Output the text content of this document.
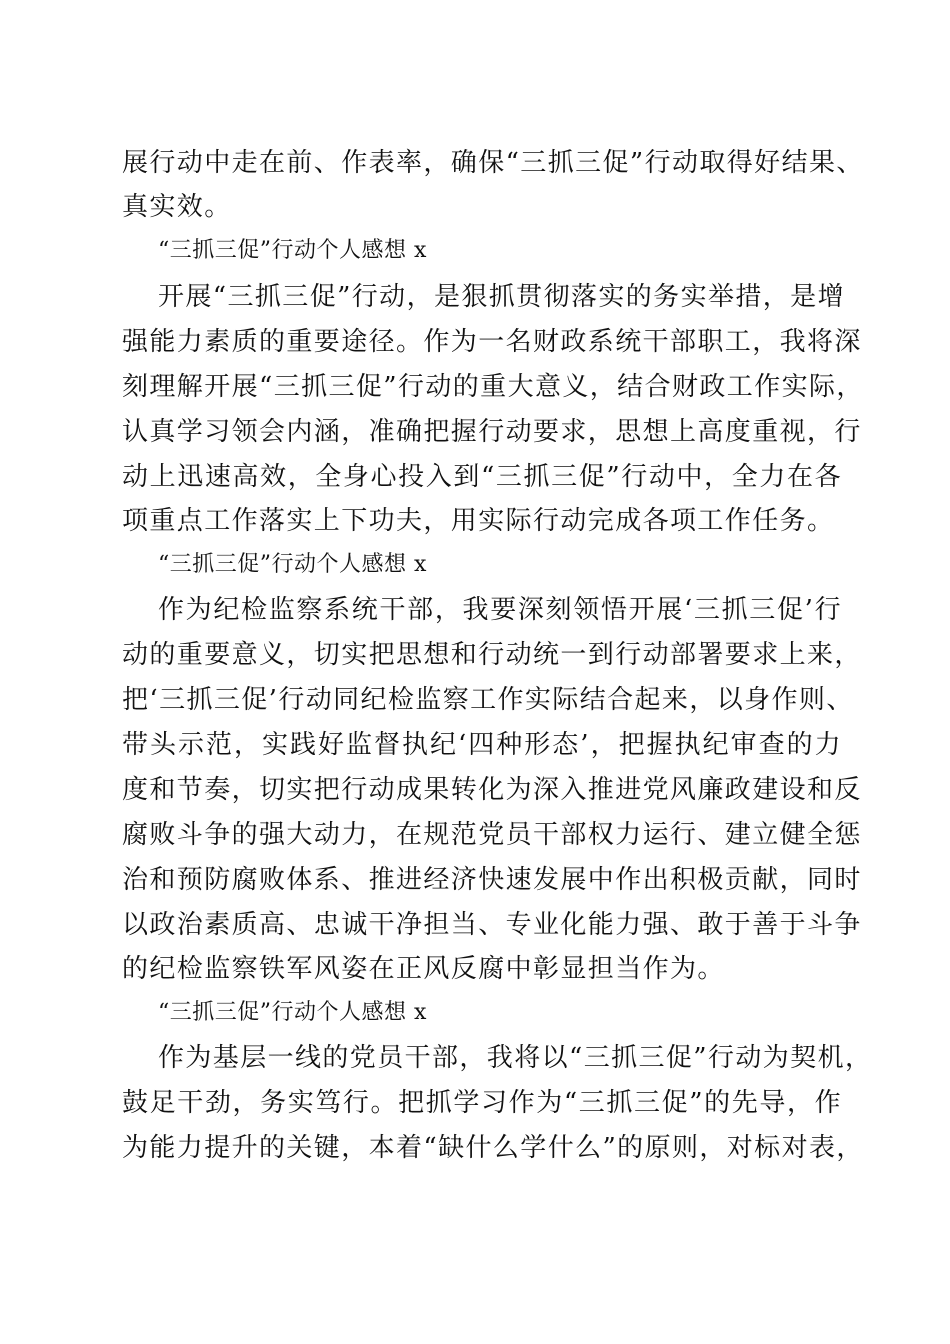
展行动中走在前、作表率，确保“三抓三促”行动取得好结果、
真实效。
“三抓三促”行动个人感想 x
开展“三抓三促”行动，是狠抓贯彻落实的务实举措，是增
强能力素质的重要途径。作为一名财政系统干部职工，我将深
刻理解开展“三抓三促”行动的重大意义，结合财政工作实际，
认真学习领会内涵，准确把握行动要求，思想上高度重视，行
动上迅速高效，全身心投入到“三抓三促”行动中，全力在各
项重点工作落实上下功夫，用实际行动完成各项工作任务。
“三抓三促”行动个人感想 x
作为纪检监察系统干部，我要深刻领悟开展‘三抓三促’行
动的重要意义，切实把思想和行动统一到行动部署要求上来，
把‘三抓三促’行动同纪检监察工作实际结合起来，以身作则、
带头示范，实践好监督执纪‘四种形态’，把握执纪审查的力
度和节奏，切实把行动成果转化为深入推进党风廉政建设和反
腐败斗争的强大动力，在规范党员干部权力运行、建立健全惩
治和预防腐败体系、推进经济快速发展中作出积极贡献，同时
以政治素质高、忠诚干净担当、专业化能力强、敢于善于斗争
的纪检监察铁军风姿在正风反腐中彰显担当作为。
“三抓三促”行动个人感想 x
作为基层一线的党员干部，我将以“三抓三促”行动为契机，
鼓足干劲，务实笃行。把抓学习作为“三抓三促”的先导，作
为能力提升的关键，本着“缺什么学什么”的原则，对标对表，
